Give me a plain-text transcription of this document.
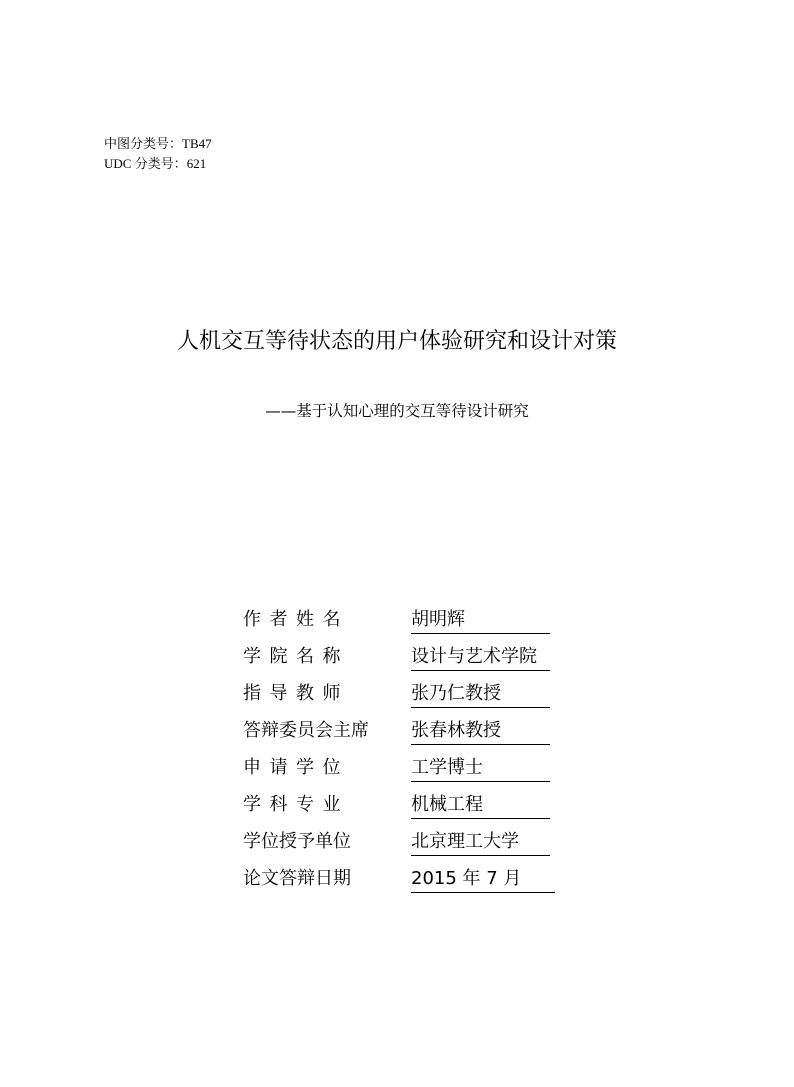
中图分类号：TB47
UDC 分类号：621
人机交互等待状态的用户体验研究和设计对策
——基于认知心理的交互等待设计研究
作者姓名	胡明辉
学院名称	设计与艺术学院
指导教师	张乃仁教授
答辩委员会主席 张春林教授
申请学位	工学博士
学科专业	机械工程
学位授予单位	北京理工大学
论文答辩日期	2015 年 7 月
